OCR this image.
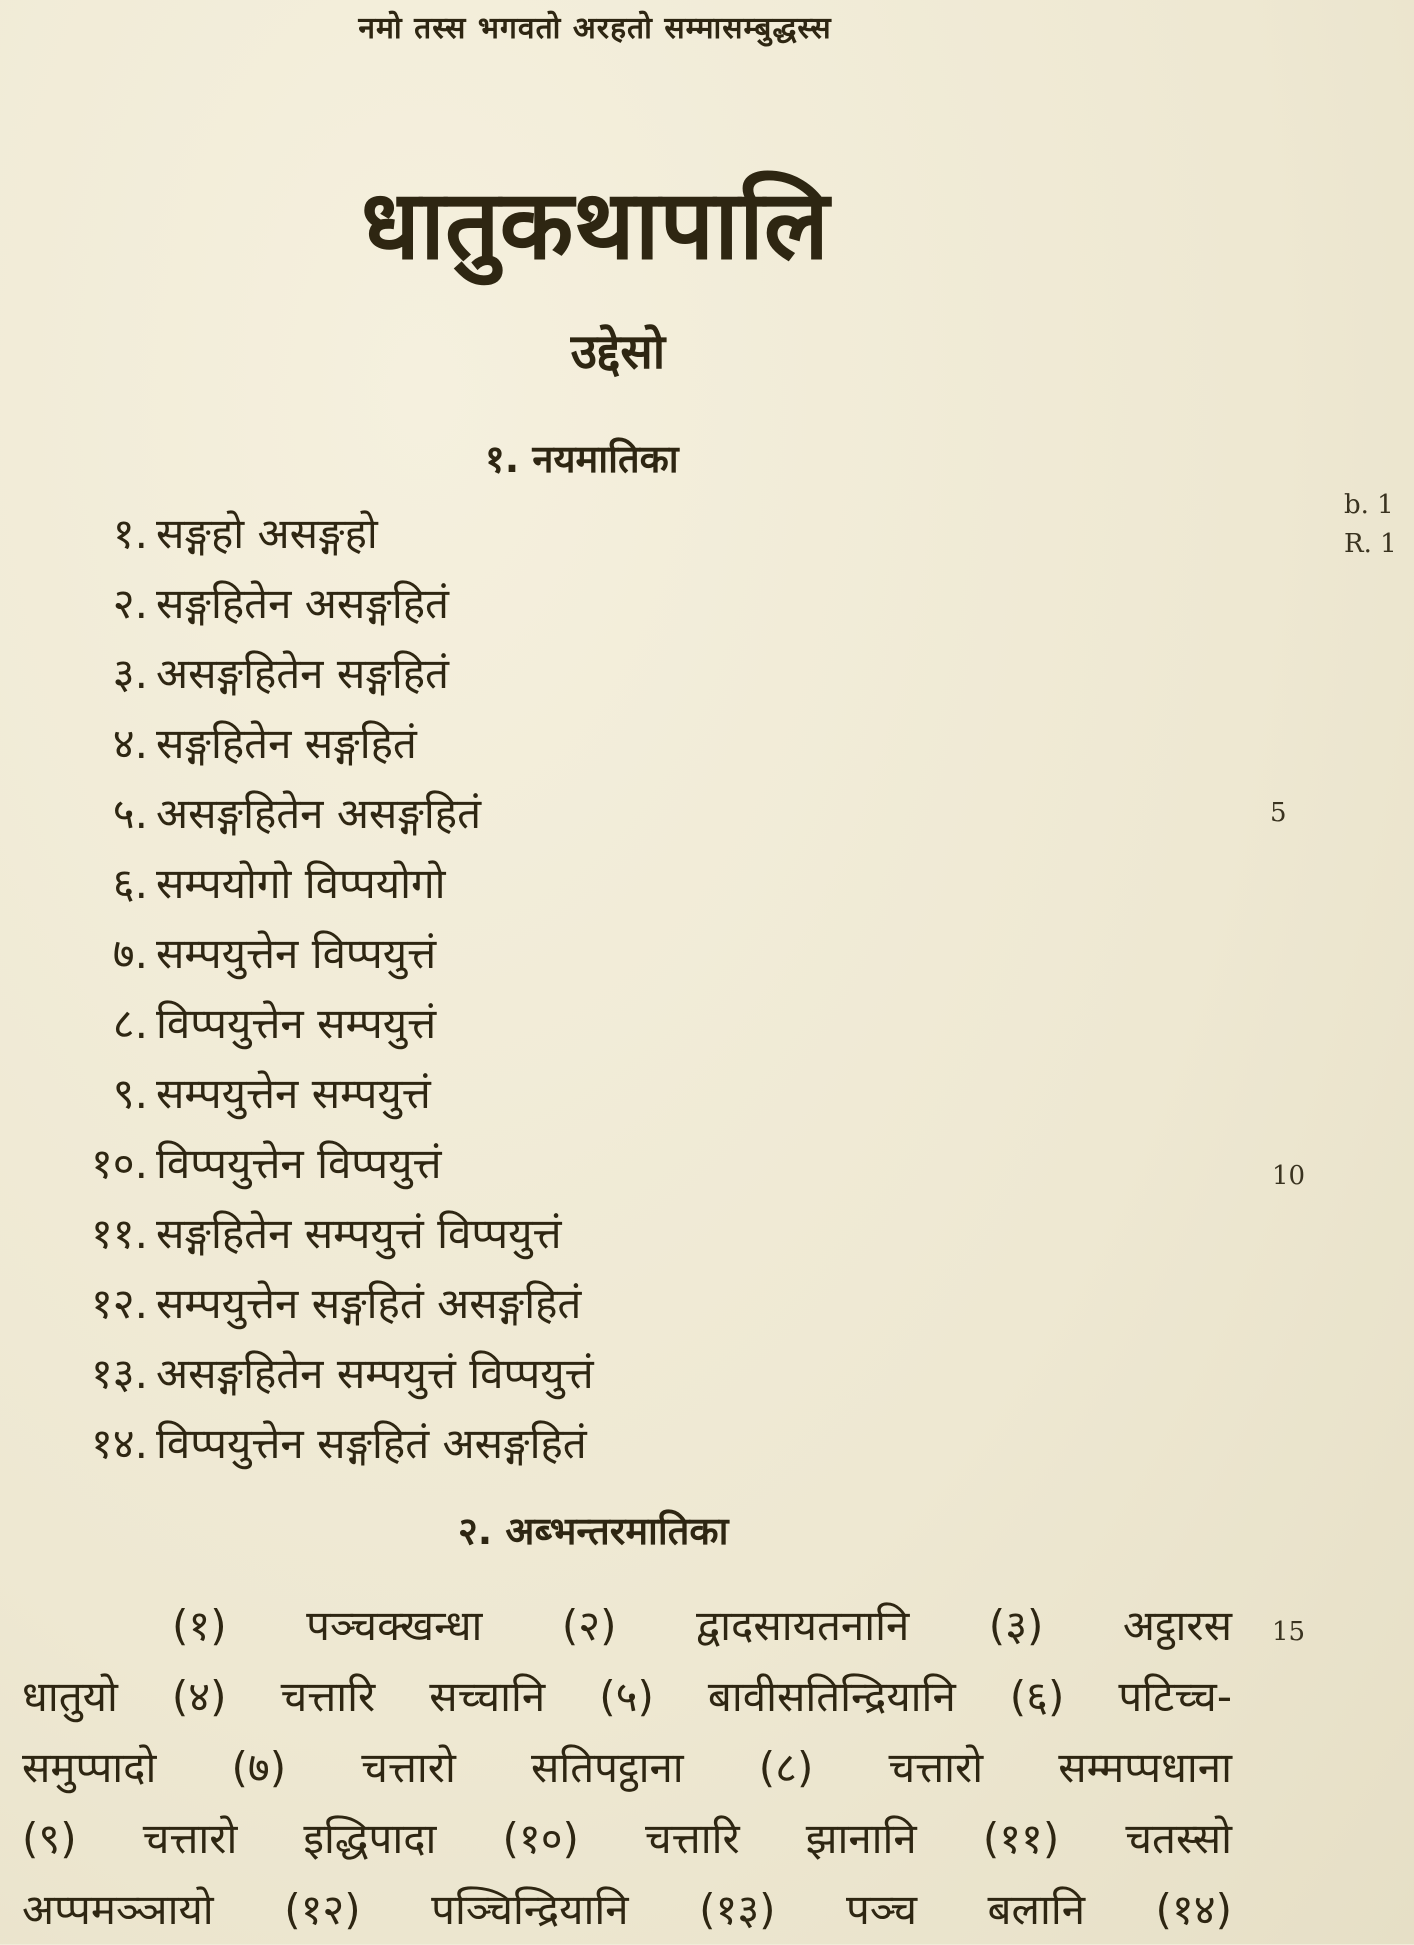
नमो तस्स भगवतो अरहतो सम्मासम्बुद्धस्स
धातुकथापालि
उद्देसो
१. नयमातिका
b. 1
R. 1
१. सङ्गहो असङ्गहो
२. सङ्गहितेन असङ्गहितं
३. असङ्गहितेन सङ्गहितं
४. सङ्गहितेन सङ्गहितं
५. असङ्गहितेन असङ्गहितं
६. सम्पयोगो विप्पयोगो
७. सम्पयुत्तेन विप्पयुत्तं
८. विप्पयुत्तेन सम्पयुत्तं
९. सम्पयुत्तेन सम्पयुत्तं
१०. विप्पयुत्तेन विप्पयुत्तं
११. सङ्गहितेन सम्पयुत्तं विप्पयुत्तं
१२. सम्पयुत्तेन सङ्गहितं असङ्गहितं
१३. असङ्गहितेन सम्पयुत्तं विप्पयुत्तं
१४. विप्पयुत्तेन सङ्गहितं असङ्गहितं
5
10
२. अब्भन्तरमातिका
15
(१) पञ्चक्खन्धा (२) द्वादसायतनानि (३) अट्ठारस
धातुयो (४) चत्तारि सच्चानि (५) बावीसतिन्द्रियानि (६) पटिच्च-
समुप्पादो (७) चत्तारो सतिपट्ठाना (८) चत्तारो सम्मप्पधाना
(९) चत्तारो इद्धिपादा (१०) चत्तारि झानानि (११) चतस्सो
अप्पमञ्ञायो (१२) पञ्चिन्द्रियानि (१३) पञ्च बलानि (१४)
